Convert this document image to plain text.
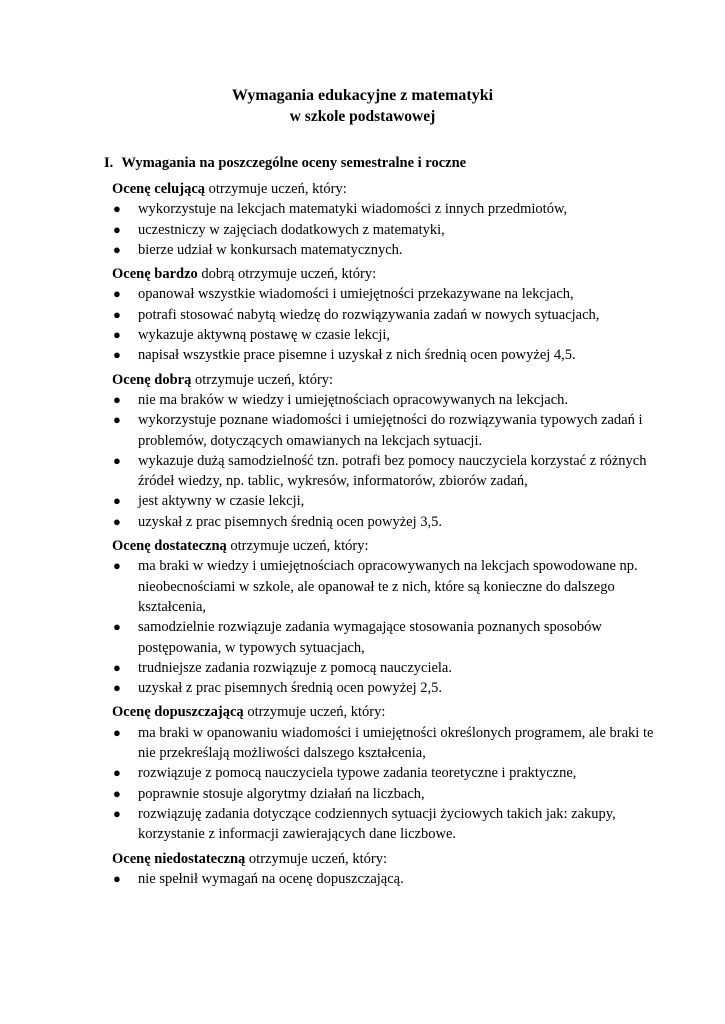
Wymagania edukacyjne z matematyki
w szkole podstawowej
I. Wymagania na poszczególne oceny semestralne i roczne
Ocenę celującą otrzymuje uczeń, który:
● wykorzystuje na lekcjach matematyki wiadomości z innych przedmiotów,
● uczestniczy w zajęciach dodatkowych z matematyki,
● bierze udział w konkursach matematycznych.
Ocenę bardzo dobrą otrzymuje uczeń, który:
● opanował wszystkie wiadomości i umiejętności przekazywane na lekcjach,
● potrafi stosować nabytą wiedzę do rozwiązywania zadań w nowych sytuacjach,
● wykazuje aktywną postawę w czasie lekcji,
● napisał wszystkie prace pisemne i uzyskał z nich średnią ocen powyżej 4,5.
Ocenę dobrą otrzymuje uczeń, który:
● nie ma braków w wiedzy i umiejętnościach opracowywanych na lekcjach.
● wykorzystuje poznane wiadomości i umiejętności do rozwiązywania typowych zadań i problemów, dotyczących omawianych na lekcjach sytuacji.
● wykazuje dużą samodzielność tzn. potrafi bez pomocy nauczyciela korzystać z różnych źródeł wiedzy, np. tablic, wykresów, informatorów, zbiorów zadań,
● jest aktywny w czasie lekcji,
● uzyskał z prac pisemnych średnią ocen powyżej 3,5.
Ocenę dostateczną otrzymuje uczeń, który:
● ma braki w wiedzy i umiejętnościach opracowywanych na lekcjach spowodowane np. nieobecnościami w szkole, ale opanował te z nich, które są konieczne do dalszego kształcenia,
● samodzielnie rozwiązuje zadania wymagające stosowania poznanych sposobów postępowania, w typowych sytuacjach,
● trudniejsze zadania rozwiązuje z pomocą nauczyciela.
● uzyskał z prac pisemnych średnią ocen powyżej 2,5.
Ocenę dopuszczającą otrzymuje uczeń, który:
● ma braki w opanowaniu wiadomości i umiejętności określonych programem, ale braki te nie przekreślają możliwości dalszego kształcenia,
● rozwiązuje z pomocą nauczyciela typowe zadania teoretyczne i praktyczne,
● poprawnie stosuje algorytmy działań na liczbach,
● rozwiązuję zadania dotyczące codziennych sytuacji życiowych takich jak: zakupy, korzystanie z informacji zawierających dane liczbowe.
Ocenę niedostateczną otrzymuje uczeń, który:
● nie spełnił wymagań na ocenę dopuszczającą.
